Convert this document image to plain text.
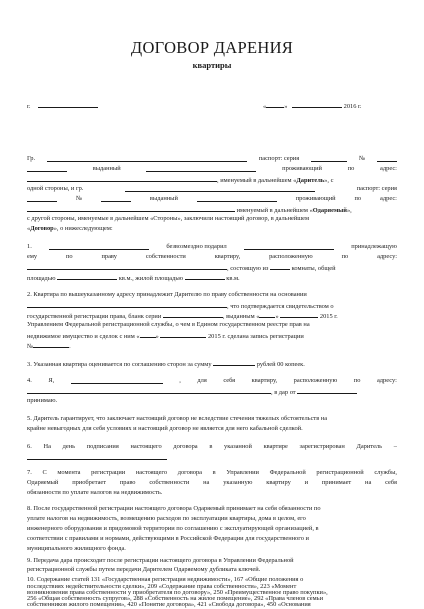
ДОГОВОР ДАРЕНИЯ
квартиры
г.	«	»	2016 г.
Гр.	паспорт: серия	№
выданный	проживающий	по	адрес:
, именуемый в дальнейшем «Даритель», с
одной стороны, и гр.	паспорт: серия
№	выданный	проживающий	по	адрес:
именуемый в дальнейшем «Одаряемый»,
с другой стороны, именуемые в дальнейшем «Стороны», заключили настоящий договор, в дальнейшем
«Договор», о нижеследующем:
1.	безвозмездно подарил	принадлежащую
ему	по	праву	собственности	квартиру,	расположенную	по	адресу:
, состоящую из	комнаты, общей
площадью	кв.м., жилой площадью	кв.м.
2. Квартира по вышеуказанному адресу принадлежит Дарителю по праву собственности на основании
, что подтверждается свидетельством о
государственной регистрации права, бланк серии	, выданным «	»	2015 г.
Управлением Федеральной регистрационной службы, о чем в Едином государственном реестре прав на
недвижимое имущество и сделок с ним «	»	2015 г. сделана запись регистрации
№	.
3. Указанная квартира оценивается по соглашению сторон за сумму	рублей 00 копеек.
4.	Я,	,	для	себя	квартиру,	расположенную	по	адресу:
, в дар от
принимаю.
5. Даритель гарантирует, что заключает настоящий договор не вследствие стечения тяжелых обстоятельств на
крайне невыгодных для себя условиях и настоящий договор не является для него кабальной сделкой.
6. На день подписания настоящего договора в указанной квартире зарегистрирован Даритель –
7. С момента регистрации настоящего договора в Управлении Федеральной регистрационной службы,
Одаряемый приобретает право собственности на указанную квартиру и принимает на себя
обязанности по уплате налогов на недвижимость.
8. После государственной регистрации настоящего договора Одаряемый принимает на себя обязанности по
уплате налогов на недвижимость, возмещению расходов по эксплуатации квартиры, дома в целом, его
инженерного оборудования и придомовой территории по соглашению с эксплуатирующей организацией, в
соответствии с правилами и нормами, действующими в Российской Федерации для государственного и
муниципального жилищного фонда.
9. Передача дара происходит после регистрации настоящего договора в Управлении Федеральной
регистрационной службы путем передачи Дарителем Одаряемому дубликата ключей.
10. Содержание статей 131 «Государственная регистрация недвижимости», 167 «Общие положения о
последствиях недействительности сделки», 209 «Содержание права собственности», 223 «Момент
возникновения права собственности у приобретателя по договору», 250 «Преимущественное право покупки»,
256 «Общая собственность супругов», 288 «Собственность на жилое помещение», 292 «Права членов семьи
собственников жилого помещения», 420 «Понятие договора», 421 «Свобода договора», 450 «Основания
